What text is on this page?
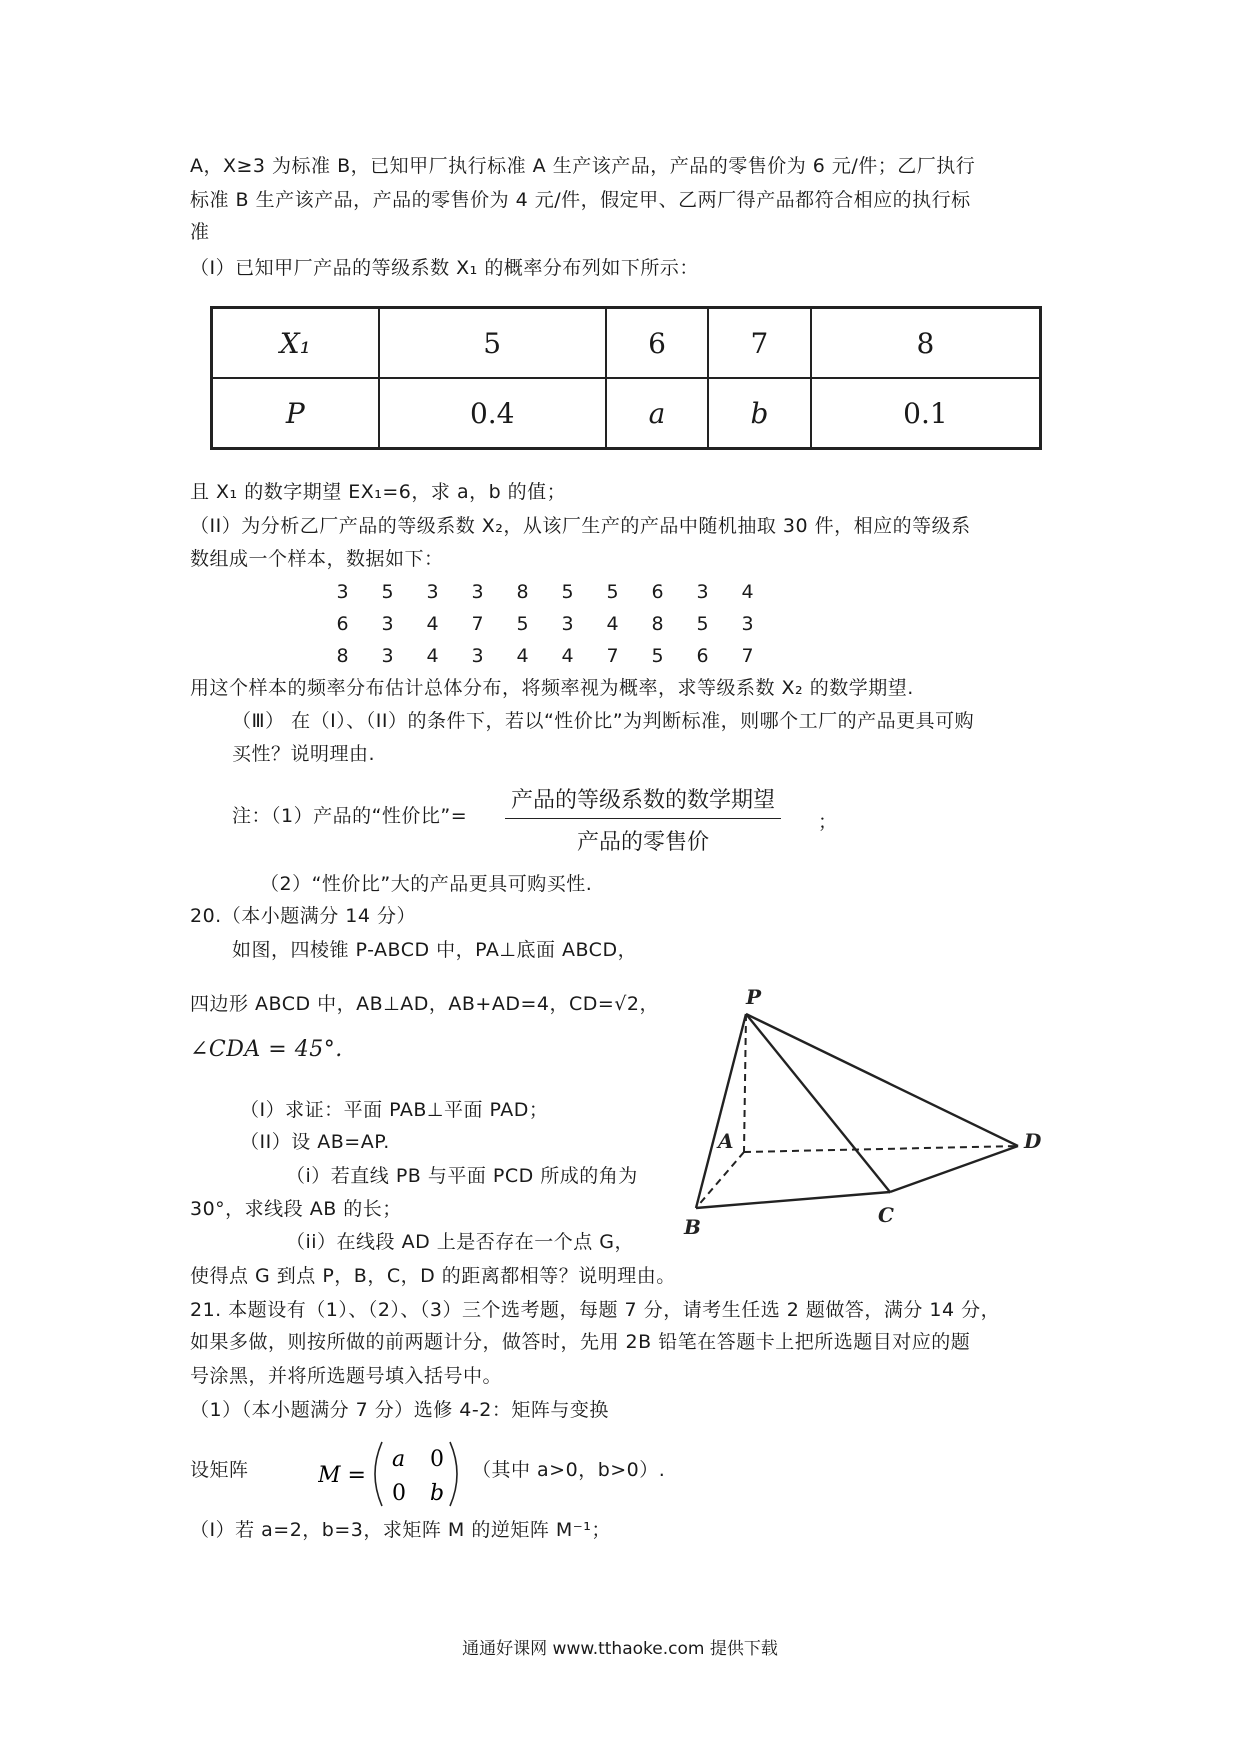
A，X≥3 为标准 B，已知甲厂执行标准 A 生产该产品，产品的零售价为 6 元/件；乙厂执行
标准 B 生产该产品，产品的零售价为 4 元/件，假定甲、乙两厂得产品都符合相应的执行标
准
（I）已知甲厂产品的等级系数 X₁ 的概率分布列如下所示：
X₁	5	6	7	8
P	0.4	a	b	0.1
且 X₁ 的数字期望 EX₁=6，求 a，b 的值；
（II）为分析乙厂产品的等级系数 X₂，从该厂生产的产品中随机抽取 30 件，相应的等级系
数组成一个样本，数据如下：
3 5 3 3 8 5 5 6 3 4
6 3 4 7 5 3 4 8 5 3
8 3 4 3 4 4 7 5 6 7
用这个样本的频率分布估计总体分布，将频率视为概率，求等级系数 X₂ 的数学期望.
（Ⅲ） 在（I）、（II）的条件下，若以“性价比”为判断标准，则哪个工厂的产品更具可购
买性？说明理由.
注：（1）产品的“性价比”=
产品的等级系数的数学期望
产品的零售价
；
（2）“性价比”大的产品更具可购买性.
20.（本小题满分 14 分）
如图，四棱锥 P-ABCD 中，PA⊥底面 ABCD，
四边形 ABCD 中，AB⊥AD，AB+AD=4，CD=√2，
∠CDA = 45°.
（I）求证：平面 PAB⊥平面 PAD；
（II）设 AB=AP.
（i）若直线 PB 与平面 PCD 所成的角为
30°，求线段 AB 的长；
（ii）在线段 AD 上是否存在一个点 G，
使得点 G 到点 P，B，C，D 的距离都相等？说明理由。
21. 本题设有（1）、（2）、（3）三个选考题，每题 7 分，请考生任选 2 题做答，满分 14 分，
如果多做，则按所做的前两题计分，做答时，先用 2B 铅笔在答题卡上把所选题目对应的题
号涂黑，并将所选题号填入括号中。
（1）（本小题满分 7 分）选修 4-2：矩阵与变换
设矩阵	M =
a 0
0 b
（其中 a>0，b>0）.
（I）若 a=2，b=3，求矩阵 M 的逆矩阵 M⁻¹；
P
A
B	C
D
通通好课网 www.tthaoke.com 提供下载
